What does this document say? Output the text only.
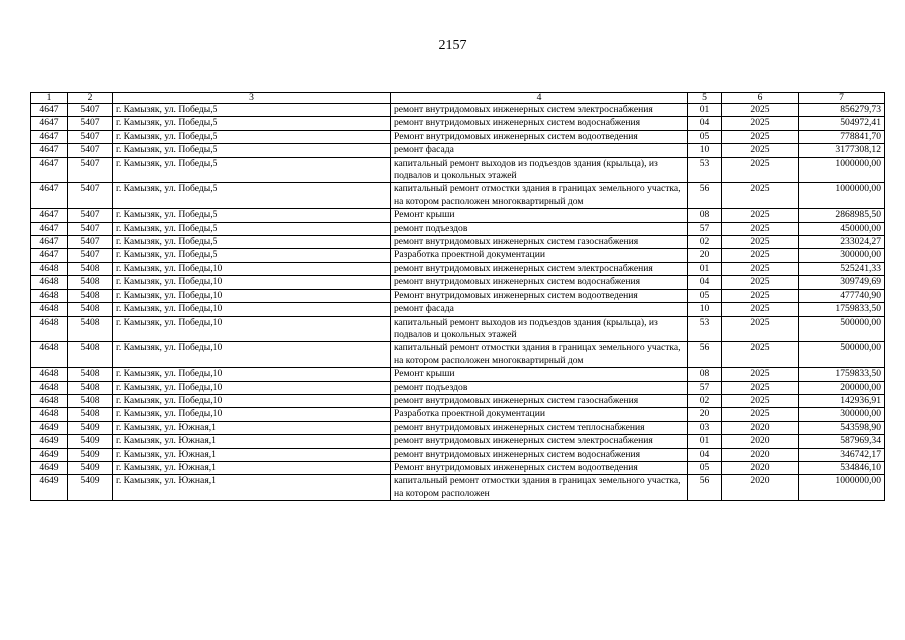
2157
1	2	3	4	5	6	7
4647	5407	г. Камызяк, ул. Победы,5	ремонт внутридомовых инженерных систем электроснабжения	01	2025	856279,73
4647	5407	г. Камызяк, ул. Победы,5	ремонт внутридомовых инженерных систем водоснабжения	04	2025	504972,41
4647	5407	г. Камызяк, ул. Победы,5	Ремонт внутридомовых инженерных систем водоотведения	05	2025	778841,70
4647	5407	г. Камызяк, ул. Победы,5	ремонт фасада	10	2025	3177308,12
4647	5407	г. Камызяк, ул. Победы,5	капитальный ремонт выходов из подъездов здания (крыльца), из подвалов и цокольных этажей	53	2025	1000000,00
4647	5407	г. Камызяк, ул. Победы,5	капитальный ремонт отмостки здания в границах земельного участка, на котором расположен многоквартирный дом	56	2025	1000000,00
4647	5407	г. Камызяк, ул. Победы,5	Ремонт крыши	08	2025	2868985,50
4647	5407	г. Камызяк, ул. Победы,5	ремонт подъездов	57	2025	450000,00
4647	5407	г. Камызяк, ул. Победы,5	ремонт внутридомовых инженерных систем газоснабжения	02	2025	233024,27
4647	5407	г. Камызяк, ул. Победы,5	Разработка проектной документации	20	2025	300000,00
4648	5408	г. Камызяк, ул. Победы,10	ремонт внутридомовых инженерных систем электроснабжения	01	2025	525241,33
4648	5408	г. Камызяк, ул. Победы,10	ремонт внутридомовых инженерных систем водоснабжения	04	2025	309749,69
4648	5408	г. Камызяк, ул. Победы,10	Ремонт внутридомовых инженерных систем водоотведения	05	2025	477740,90
4648	5408	г. Камызяк, ул. Победы,10	ремонт фасада	10	2025	1759833,50
4648	5408	г. Камызяк, ул. Победы,10	капитальный ремонт выходов из подъездов здания (крыльца), из подвалов и цокольных этажей	53	2025	500000,00
4648	5408	г. Камызяк, ул. Победы,10	капитальный ремонт отмостки здания в границах земельного участка, на котором расположен многоквартирный дом	56	2025	500000,00
4648	5408	г. Камызяк, ул. Победы,10	Ремонт крыши	08	2025	1759833,50
4648	5408	г. Камызяк, ул. Победы,10	ремонт подъездов	57	2025	200000,00
4648	5408	г. Камызяк, ул. Победы,10	ремонт внутридомовых инженерных систем газоснабжения	02	2025	142936,91
4648	5408	г. Камызяк, ул. Победы,10	Разработка проектной документации	20	2025	300000,00
4649	5409	г. Камызяк, ул. Южная,1	ремонт внутридомовых инженерных систем теплоснабжения	03	2020	543598,90
4649	5409	г. Камызяк, ул. Южная,1	ремонт внутридомовых инженерных систем электроснабжения	01	2020	587969,34
4649	5409	г. Камызяк, ул. Южная,1	ремонт внутридомовых инженерных систем водоснабжения	04	2020	346742,17
4649	5409	г. Камызяк, ул. Южная,1	Ремонт внутридомовых инженерных систем водоотведения	05	2020	534846,10
4649	5409	г. Камызяк, ул. Южная,1	капитальный ремонт отмостки здания в границах земельного участка, на котором расположен	56	2020	1000000,00
